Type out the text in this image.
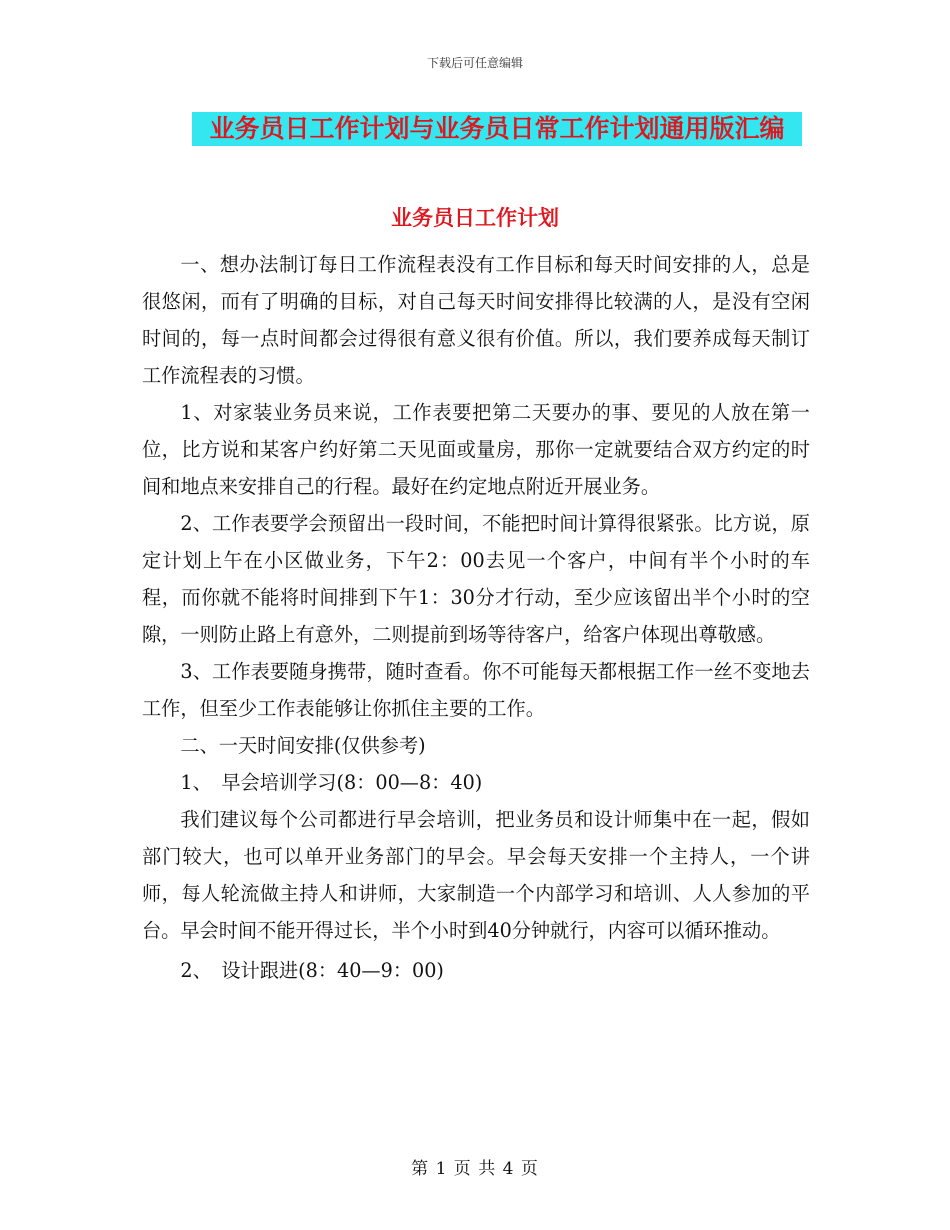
下载后可任意编辑
业务员日工作计划与业务员日常工作计划通用版汇编
业务员日工作计划

一、想办法制订每日工作流程表没有工作目标和每天时间安排的人，总是很悠闲，而有了明确的目标，对自己每天时间安排得比较满的人，是没有空闲时间的，每一点时间都会过得很有意义很有价值。所以，我们要养成每天制订工作流程表的习惯。

1、对家装业务员来说，工作表要把第二天要办的事、要见的人放在第一位，比方说和某客户约好第二天见面或量房，那你一定就要结合双方约定的时间和地点来安排自己的行程。最好在约定地点附近开展业务。

2、工作表要学会预留出一段时间，不能把时间计算得很紧张。比方说，原定计划上午在小区做业务，下午2：00去见一个客户，中间有半个小时的车程，而你就不能将时间排到下午1：30分才行动，至少应该留出半个小时的空隙，一则防止路上有意外，二则提前到场等待客户，给客户体现出尊敬感。

3、工作表要随身携带，随时查看。你不可能每天都根据工作一丝不变地去工作，但至少工作表能够让你抓住主要的工作。

二、一天时间安排(仅供参考)

1、　早会培训学习(8：00—8：40)

我们建议每个公司都进行早会培训，把业务员和设计师集中在一起，假如部门较大，也可以单开业务部门的早会。早会每天安排一个主持人，一个讲师，每人轮流做主持人和讲师，大家制造一个内部学习和培训、人人参加的平台。早会时间不能开得过长，半个小时到40分钟就行，内容可以循环推动。

2、　设计跟进(8：40—9：00)

第 1 页 共 4 页
